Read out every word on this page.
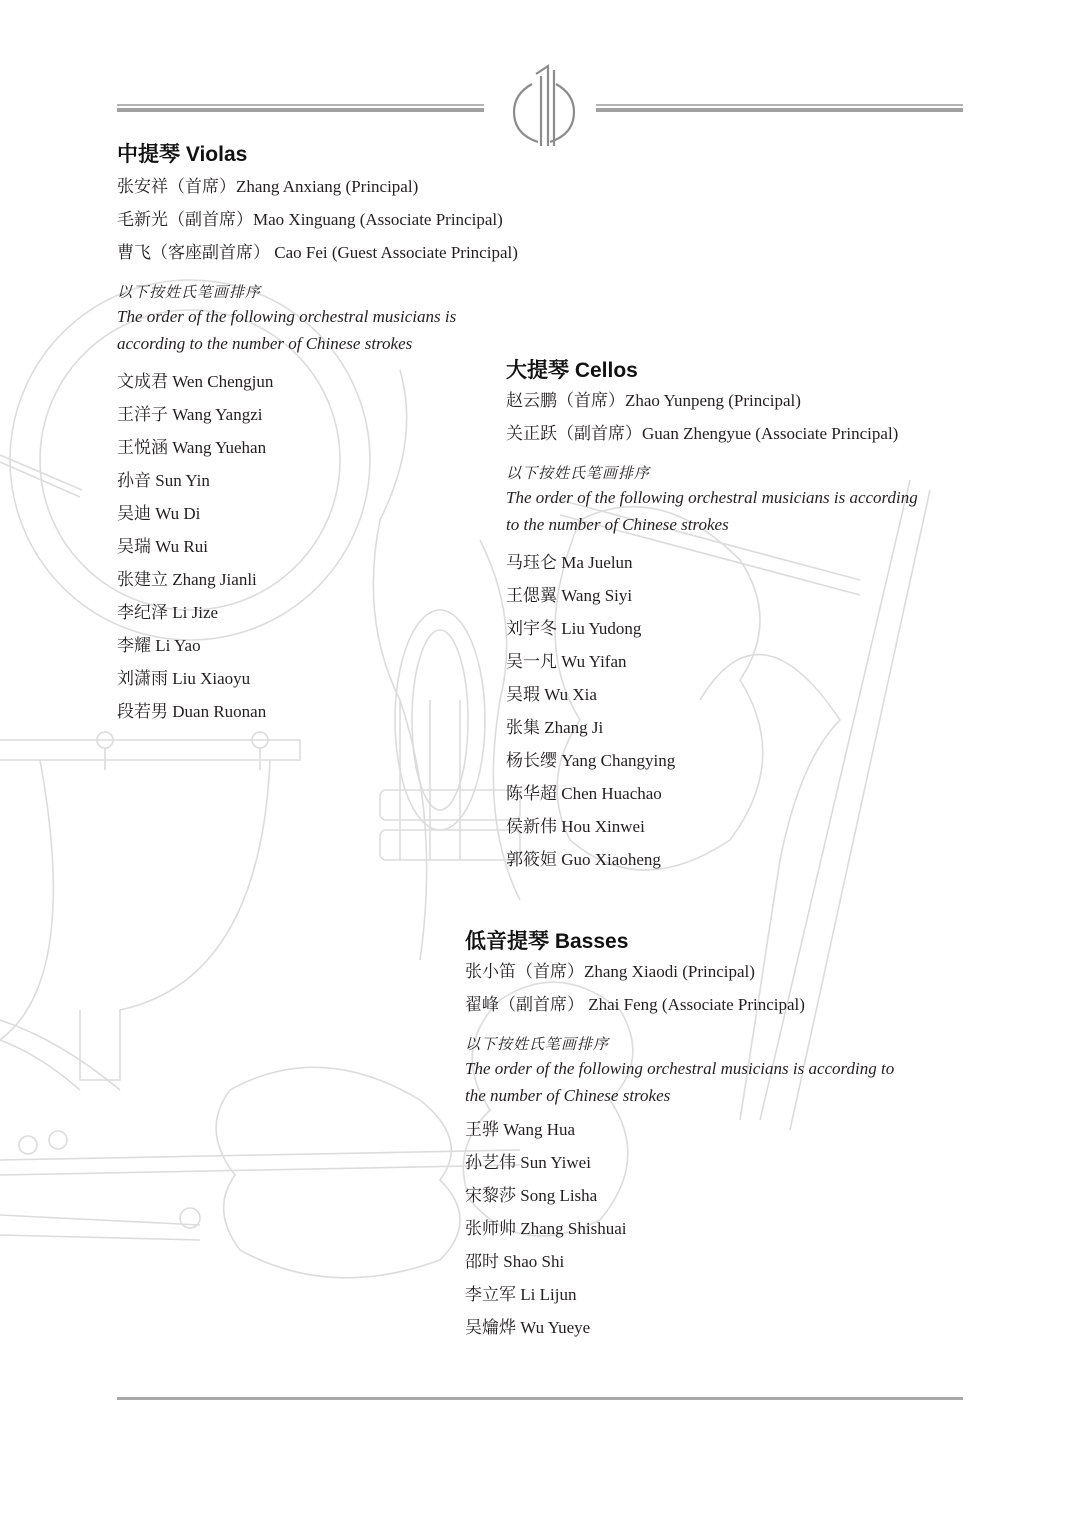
中提琴 Violas
张安祥（首席）Zhang Anxiang (Principal)
毛新光（副首席）Mao Xinguang (Associate Principal)
曹飞（客座副首席） Cao Fei (Guest Associate Principal)
以下按姓氏笔画排序
The order of the following orchestral musicians is
according to the number of Chinese strokes
文成君 Wen Chengjun
王洋子 Wang Yangzi
王悦涵 Wang Yuehan
孙音 Sun Yin
吴迪 Wu Di
吴瑞 Wu Rui
张建立 Zhang Jianli
李纪泽 Li Jize
李耀 Li Yao
刘潇雨 Liu Xiaoyu
段若男 Duan Ruonan
大提琴 Cellos
赵云鹏（首席）Zhao Yunpeng (Principal)
关正跃（副首席）Guan Zhengyue (Associate Principal)
以下按姓氏笔画排序
The order of the following orchestral musicians is according
to the number of Chinese strokes
马珏仑 Ma Juelun
王偲翼 Wang Siyi
刘宇冬 Liu Yudong
吴一凡 Wu Yifan
吴瑕 Wu Xia
张集 Zhang Ji
杨长缨 Yang Changying
陈华超 Chen Huachao
侯新伟 Hou Xinwei
郭筱姮 Guo Xiaoheng
低音提琴 Basses
张小笛（首席）Zhang Xiaodi (Principal)
翟峰（副首席） Zhai Feng (Associate Principal)
以下按姓氏笔画排序
The order of the following orchestral musicians is according to
the number of Chinese strokes
王骅 Wang Hua
孙艺伟 Sun Yiwei
宋黎莎 Song Lisha
张师帅 Zhang Shishuai
邵时 Shao Shi
李立军 Li Lijun
吴爚烨 Wu Yueye
